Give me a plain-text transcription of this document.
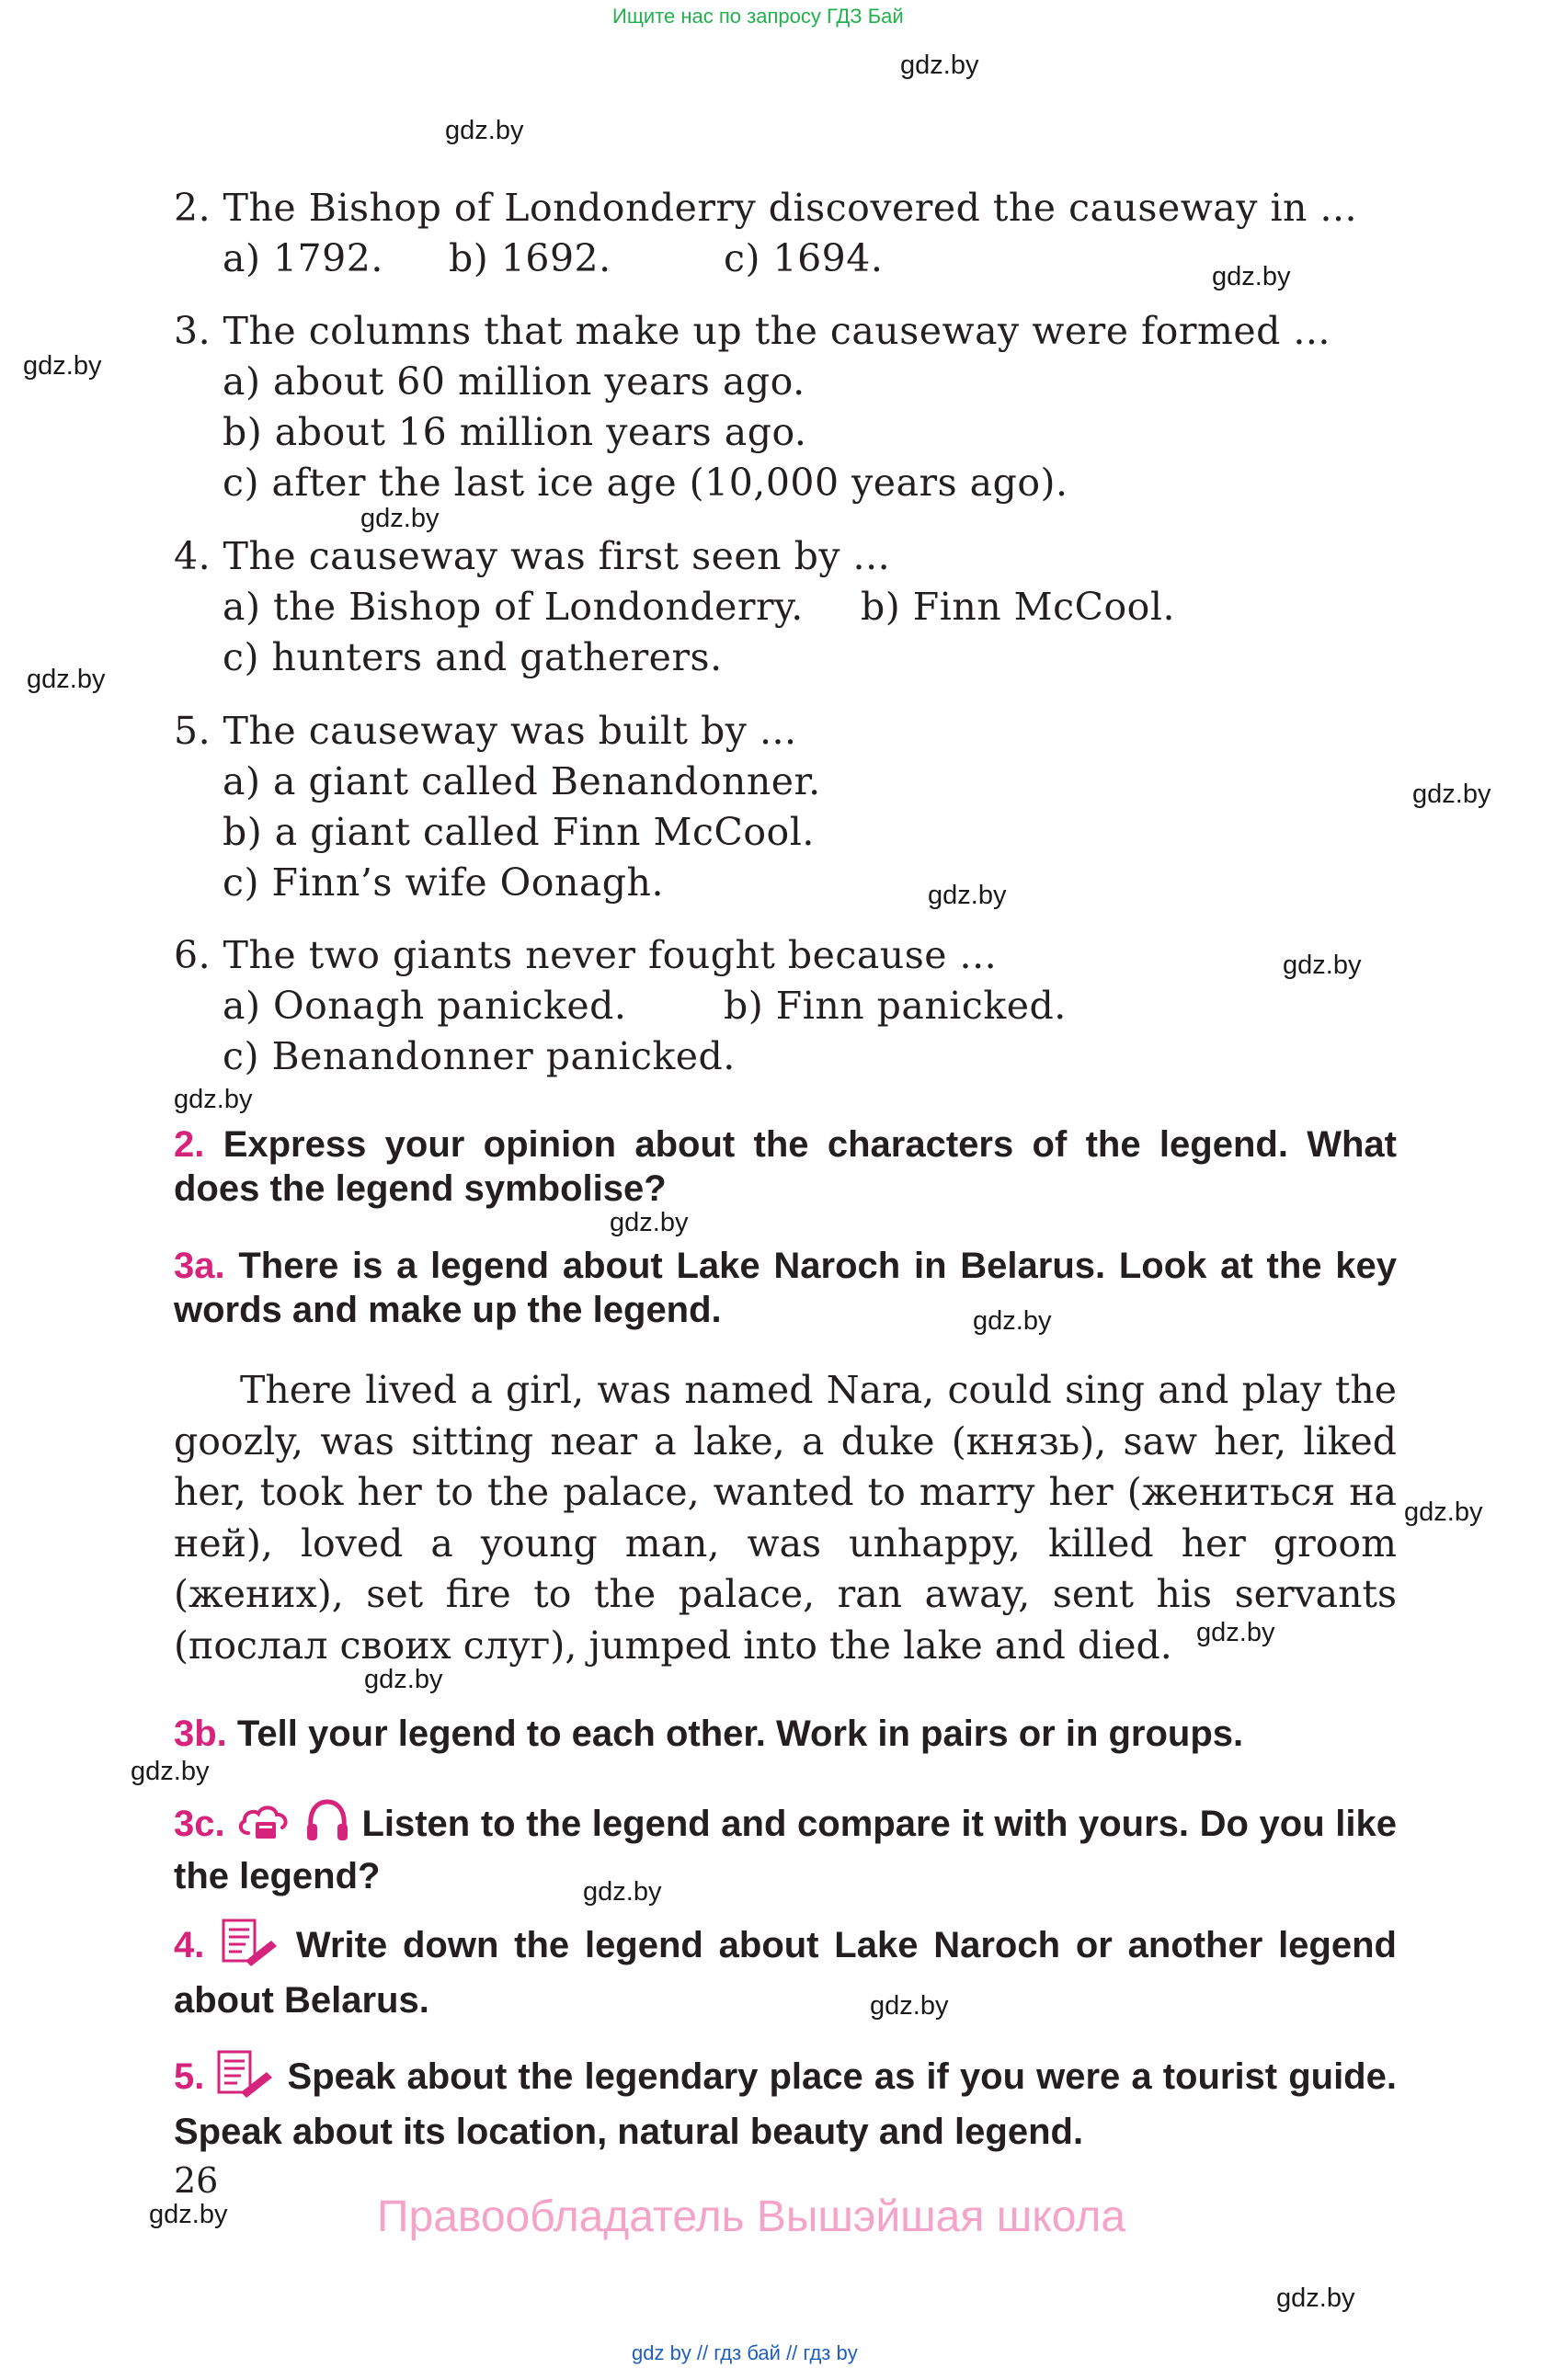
Ищите нас по запросу ГДЗ Бай
gdz.by
gdz.by
gdz.by
gdz.by
gdz.by
gdz.by
gdz.by
gdz.by
gdz.by
gdz.by
gdz.by
gdz.by
gdz.by
gdz.by
gdz.by
gdz.by
gdz.by
gdz.by
gdz.by
gdz.by
2. The Bishop of Londonderry discovered the causeway in ...
a) 1792. b) 1692.	c) 1694.
3. The columns that make up the causeway were formed ...
a) about 60 million years ago.
b) about 16 million years ago.
c) after the last ice age (10,000 years ago).
4. The causeway was first seen by ...
a) the Bishop of Londonderry. b) Finn McCool.
c) hunters and gatherers.
5. The causeway was built by ...
a) a giant called Benandonner.
b) a giant called Finn McCool.
c) Finn’s wife Oonagh.
6. The two giants never fought because ...
a) Oonagh panicked.	b) Finn panicked.
c) Benandonner panicked.
2. Express your opinion about the characters of the legend. What does the legend symbolise?
3a. There is a legend about Lake Naroch in Belarus. Look at the key words and make up the legend.
There lived a girl, was named Nara, could sing and play the goozly, was sitting near a lake, a duke (князь), saw her, liked her, took her to the palace, wanted to marry her (жениться на ней), loved a young man, was unhappy, killed her groom (жених), set fire to the palace, ran away, sent his servants (послал своих слуг), jumped into the lake and died.
3b. Tell your legend to each other. Work in pairs or in groups.
3c.	Listen to the legend and compare it with yours. Do you like the legend?
4. Write down the legend about Lake Naroch or another legend about Belarus.
5. Speak about the legendary place as if you were a tourist guide. Speak about its location, natural beauty and legend.
26
Правообладатель Вышэйшая школа
gdz by // гдз бай // гдз by
